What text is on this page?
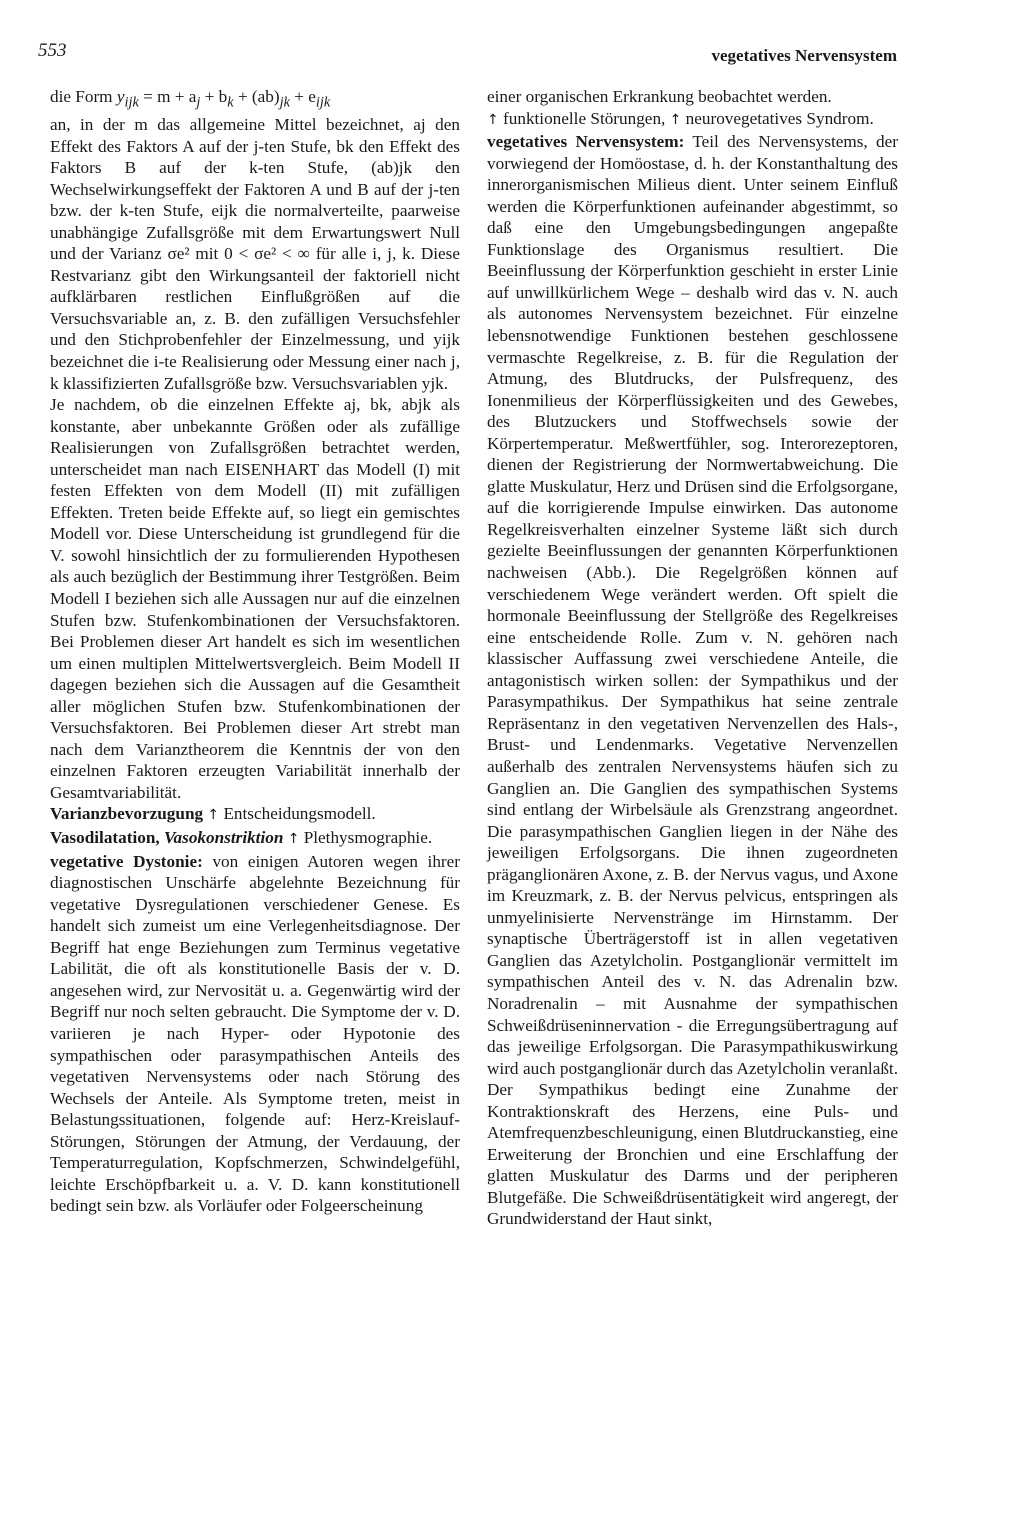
553	vegetatives Nervensystem

die Form $y_{ijk} = m + a_j + b_k + (ab)_{jk} + e_{ijk}$

an, in der m das allgemeine Mittel bezeichnet, aj den Effekt des Faktors A auf der j-ten Stufe, bk den Effekt des Faktors B auf der k-ten Stufe, (ab)jk den Wechselwirkungseffekt der Faktoren A und B auf der j-ten bzw. der k-ten Stufe, eijk die normalverteilte, paarweise unabhängige Zufallsgröße mit dem Erwartungswert Null und der Varianz σe² mit 0 < σe² < ∞ für alle i, j, k. Diese Restvarianz gibt den Wirkungsanteil der faktoriell nicht aufklärbaren restlichen Einflußgrößen auf die Versuchsvariable an, z. B. den zufälligen Versuchsfehler und den Stichprobenfehler der Einzelmessung, und yijk bezeichnet die i-te Realisierung oder Messung einer nach j, k klassifizierten Zufallsgröße bzw. Versuchsvariablen yjk.

Je nachdem, ob die einzelnen Effekte aj, bk, abjk als konstante, aber unbekannte Größen oder als zufällige Realisierungen von Zufallsgrößen betrachtet werden, unterscheidet man nach EISENHART das Modell (I) mit festen Effekten von dem Modell (II) mit zufälligen Effekten. Treten beide Effekte auf, so liegt ein gemischtes Modell vor. Diese Unterscheidung ist grundlegend für die V. sowohl hinsichtlich der zu formulierenden Hypothesen als auch bezüglich der Bestimmung ihrer Testgrößen. Beim Modell I beziehen sich alle Aussagen nur auf die einzelnen Stufen bzw. Stufenkombinationen der Versuchsfaktoren. Bei Problemen dieser Art handelt es sich im wesentlichen um einen multiplen Mittelwertsvergleich. Beim Modell II dagegen beziehen sich die Aussagen auf die Gesamtheit aller möglichen Stufen bzw. Stufenkombinationen der Versuchsfaktoren. Bei Problemen dieser Art strebt man nach dem Varianztheorem die Kenntnis der von den einzelnen Faktoren erzeugten Variabilität innerhalb der Gesamtvariabilität.

Varianzbevorzugung ↑ Entscheidungsmodell.

Vasodilatation, Vasokonstriktion ↑ Plethysmographie.

vegetative Dystonie: von einigen Autoren wegen ihrer diagnostischen Unschärfe abgelehnte Bezeichnung für vegetative Dysregulationen verschiedener Genese. Es handelt sich zumeist um eine Verlegenheitsdiagnose. Der Begriff hat enge Beziehungen zum Terminus vegetative Labilität, die oft als konstitutionelle Basis der v. D. angesehen wird, zur Nervosität u. a. Gegenwärtig wird der Begriff nur noch selten gebraucht. Die Symptome der v. D. variieren je nach Hyper- oder Hypotonie des sympathischen oder parasympathischen Anteils des vegetativen Nervensystems oder nach Störung des Wechsels der Anteile. Als Symptome treten, meist in Belastungssituationen, folgende auf: Herz-Kreislauf-Störungen, Störungen der Atmung, der Verdauung, der Temperaturregulation, Kopfschmerzen, Schwindelgefühl, leichte Erschöpfbarkeit u. a. V. D. kann konstitutionell bedingt sein bzw. als Vorläufer oder Folgeerscheinung

einer organischen Erkrankung beobachtet werden.

↑ funktionelle Störungen, ↑ neurovegetatives Syndrom.

vegetatives Nervensystem: Teil des Nervensystems, der vorwiegend der Homöostase, d. h. der Konstanthaltung des innerorganismischen Milieus dient. Unter seinem Einfluß werden die Körperfunktionen aufeinander abgestimmt, so daß eine den Umgebungsbedingungen angepaßte Funktionslage des Organismus resultiert. Die Beeinflussung der Körperfunktion geschieht in erster Linie auf unwillkürlichem Wege – deshalb wird das v. N. auch als autonomes Nervensystem bezeichnet. Für einzelne lebensnotwendige Funktionen bestehen geschlossene vermaschte Regelkreise, z. B. für die Regulation der Atmung, des Blutdrucks, der Pulsfrequenz, des Ionenmilieus der Körperflüssigkeiten und des Gewebes, des Blutzuckers und Stoffwechsels sowie der Körpertemperatur. Meßwertfühler, sog. Interorezeptoren, dienen der Registrierung der Normwertabweichung. Die glatte Muskulatur, Herz und Drüsen sind die Erfolgsorgane, auf die korrigierende Impulse einwirken. Das autonome Regelkreisverhalten einzelner Systeme läßt sich durch gezielte Beeinflussungen der genannten Körperfunktionen nachweisen (Abb.). Die Regelgrößen können auf verschiedenem Wege verändert werden. Oft spielt die hormonale Beeinflussung der Stellgröße des Regelkreises eine entscheidende Rolle. Zum v. N. gehören nach klassischer Auffassung zwei verschiedene Anteile, die antagonistisch wirken sollen: der Sympathikus und der Parasympathikus. Der Sympathikus hat seine zentrale Repräsentanz in den vegetativen Nervenzellen des Hals-, Brust- und Lendenmarks. Vegetative Nervenzellen außerhalb des zentralen Nervensystems häufen sich zu Ganglien an. Die Ganglien des sympathischen Systems sind entlang der Wirbelsäule als Grenzstrang angeordnet. Die parasympathischen Ganglien liegen in der Nähe des jeweiligen Erfolgsorgans. Die ihnen zugeordneten präganglionären Axone, z. B. der Nervus vagus, und Axone im Kreuzmark, z. B. der Nervus pelvicus, entspringen als unmyelinisierte Nervenstränge im Hirnstamm. Der synaptische Überträgerstoff ist in allen vegetativen Ganglien das Azetylcholin. Postganglionär vermittelt im sympathischen Anteil des v. N. das Adrenalin bzw. Noradrenalin – mit Ausnahme der sympathischen Schweißdrüseninnervation - die Erregungsübertragung auf das jeweilige Erfolgsorgan. Die Parasympathikuswirkung wird auch postganglionär durch das Azetylcholin veranlaßt. Der Sympathikus bedingt eine Zunahme der Kontraktionskraft des Herzens, eine Puls- und Atemfrequenzbeschleunigung, einen Blutdruckanstieg, eine Erweiterung der Bronchien und eine Erschlaffung der glatten Muskulatur des Darms und der peripheren Blutgefäße. Die Schweißdrüsentätigkeit wird angeregt, der Grundwiderstand der Haut sinkt,
